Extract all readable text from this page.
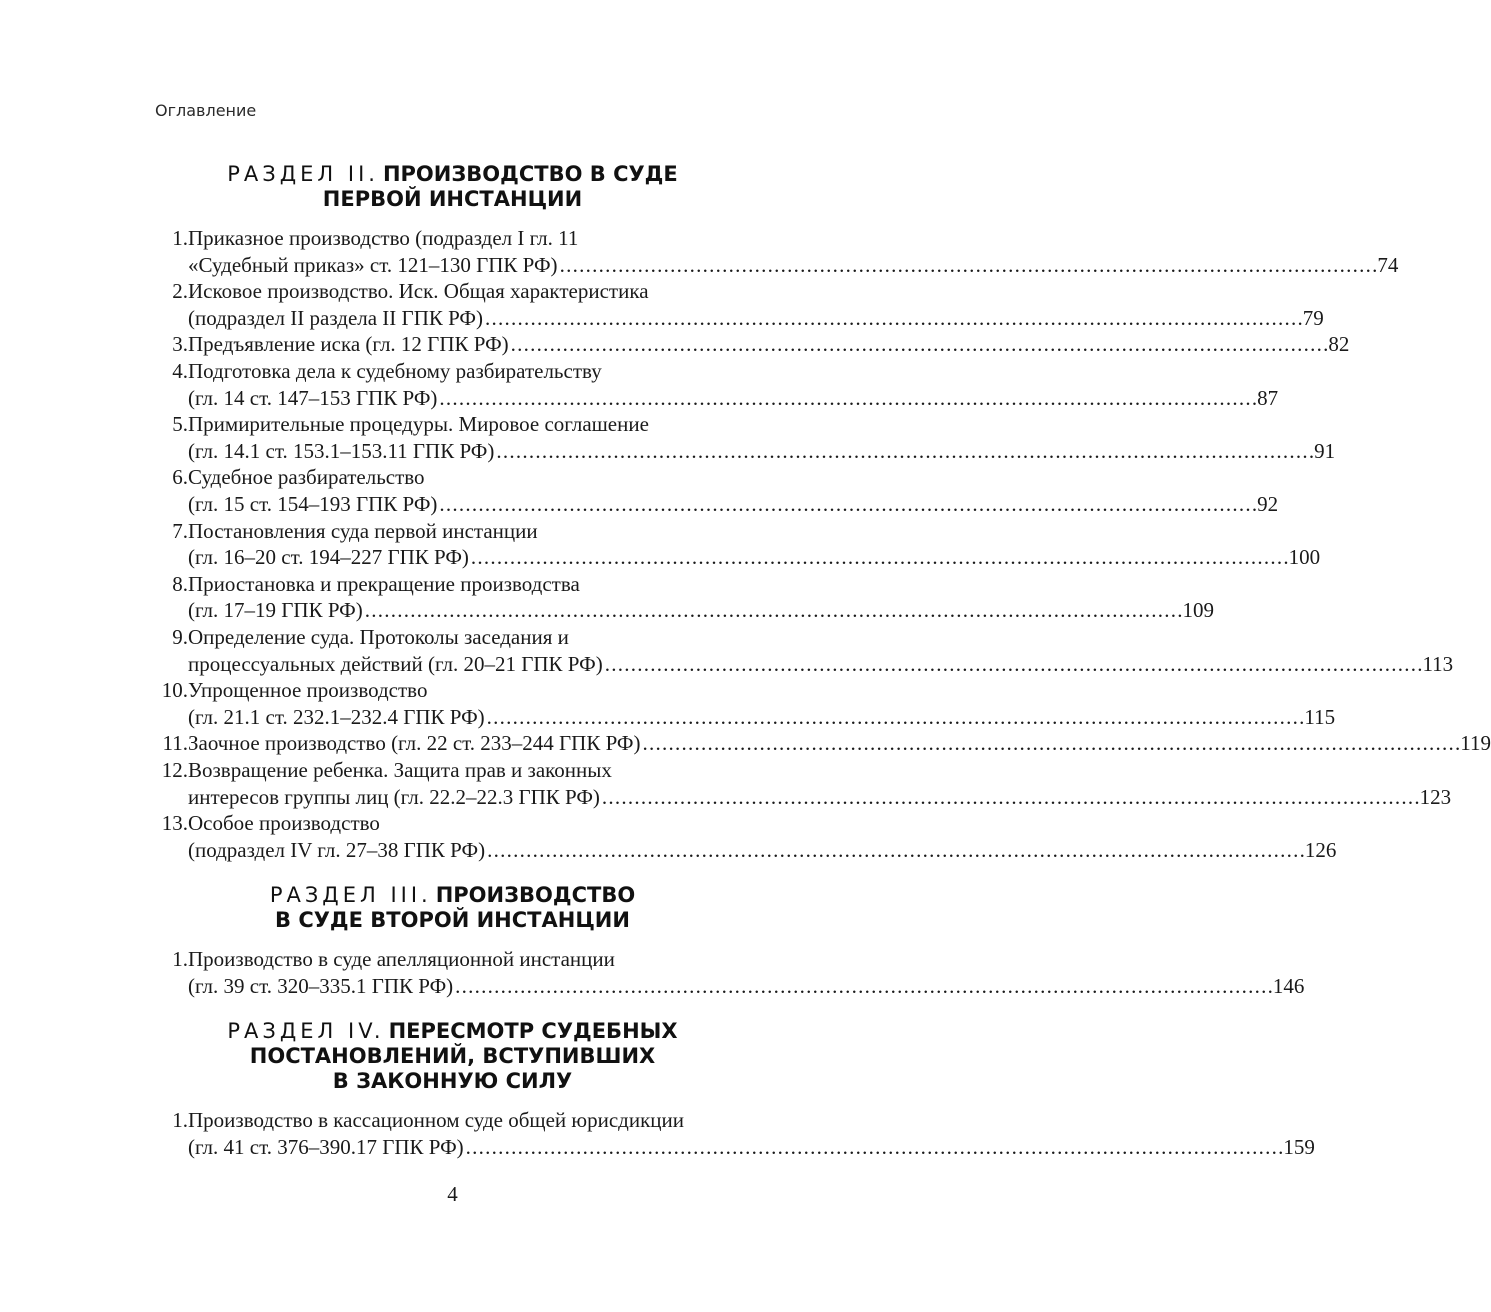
Оглавление
РАЗДЕЛ II. ПРОИЗВОДСТВО В СУДЕ
ПЕРВОЙ ИНСТАНЦИИ
1. Приказное производство (подраздел I гл. 11
«Судебный приказ» ст. 121–130 ГПК РФ) . . .	74
2. Исковое производство. Иск. Общая характеристика
(подраздел II раздела II ГПК РФ) . . .	79
3. Предъявление иска (гл. 12 ГПК РФ) . . .	82
4. Подготовка дела к судебному разбирательству
(гл. 14 ст. 147–153 ГПК РФ) . . .	87
5. Примирительные процедуры. Мировое соглашение
(гл. 14.1 ст. 153.1–153.11 ГПК РФ) . . .	91
6. Судебное разбирательство
(гл. 15 ст. 154–193 ГПК РФ) . . .	92
7. Постановления суда первой инстанции
(гл. 16–20 ст. 194–227 ГПК РФ) . . .	100
8. Приостановка и прекращение производства
(гл. 17–19 ГПК РФ) . . .	109
9. Определение суда. Протоколы заседания и
процессуальных действий (гл. 20–21 ГПК РФ) . . .	113
10. Упрощенное производство
(гл. 21.1 ст. 232.1–232.4 ГПК РФ) . . .	115
11. Заочное производство (гл. 22 ст. 233–244 ГПК РФ) . . .	119
12. Возвращение ребенка. Защита прав и законных
интересов группы лиц (гл. 22.2–22.3 ГПК РФ) . . .	123
13. Особое производство
(подраздел IV гл. 27–38 ГПК РФ) . . .	126
РАЗДЕЛ III. ПРОИЗВОДСТВО
В СУДЕ ВТОРОЙ ИНСТАНЦИИ
1. Производство в суде апелляционной инстанции
(гл. 39 ст. 320–335.1 ГПК РФ) . . .	146
РАЗДЕЛ IV. ПЕРЕСМОТР СУДЕБНЫХ
ПОСТАНОВЛЕНИЙ, ВСТУПИВШИХ
В ЗАКОННУЮ СИЛУ
1. Производство в кассационном суде общей юрисдикции
(гл. 41 ст. 376–390.17 ГПК РФ) . . .	159
4
